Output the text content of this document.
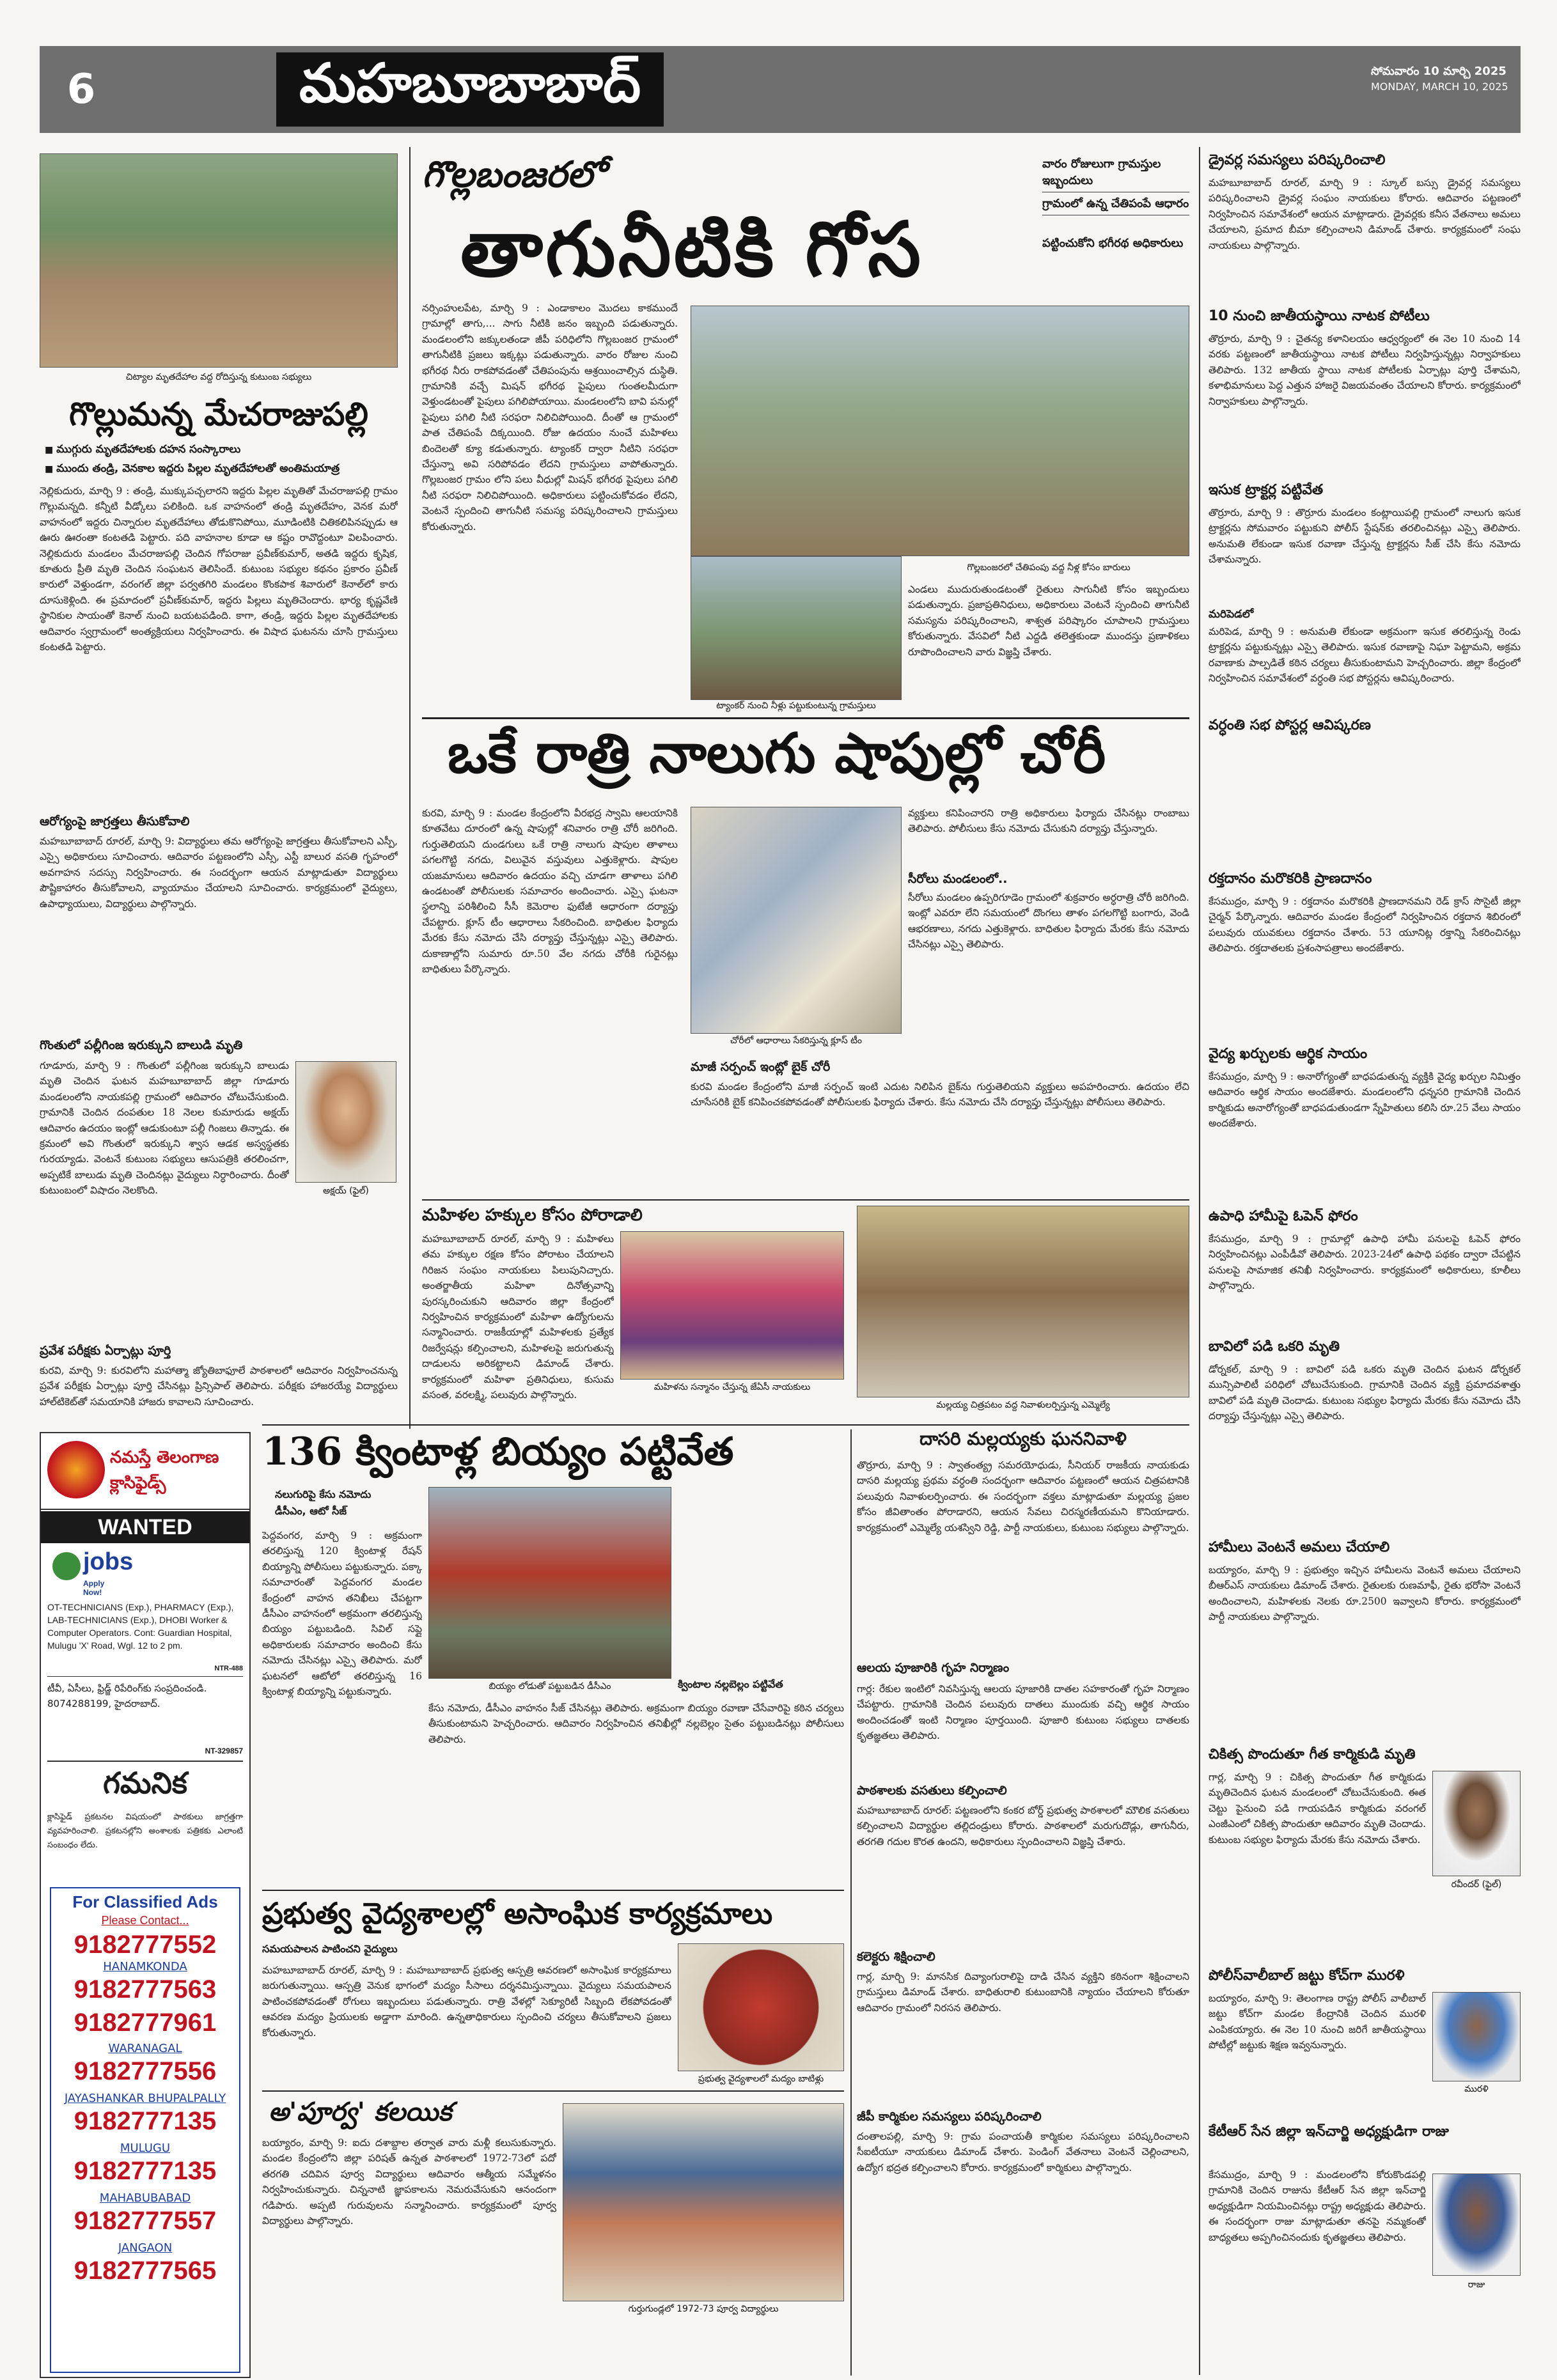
6	మహబూబాబాద్	సోమవారం 10 మార్చి 2025
MONDAY, MARCH 10, 2025
చిట్యాల మృతదేహాల వద్ద రోదిస్తున్న కుటుంబ సభ్యులు
గొల్లుమన్న మేచరాజుపల్లి
■ ముగ్గురు మృతదేహాలకు దహన సంస్కారాలు
■ ముందు తండ్రి, వెనకాల ఇద్దరు పిల్లల మృతదేహాలతో అంతిమయాత్ర
నెల్లికుదురు, మార్చి 9 : తండ్రి, ముక్కుపచ్చలారని ఇద్దరు పిల్లల మృతితో మేచరాజుపల్లి గ్రామం గొల్లుమన్నది. కన్నీటి వీడ్కోలు పలికింది. ఒక వాహనంలో తండ్రి మృతదేహం, వెనక మరో వాహనంలో ఇద్దరు చిన్నారుల మృతదేహాలు తోడుకొనిపోయి, మూడింటికి చితికలిపినప్పుడు ఆ ఊరు ఊరంతా కంటతడి పెట్టారు. పది వాహనాల కూడా ఆ కష్టం రావొద్దంటూ విలపించారు. నెల్లికుదురు మండలం మేచరాజుపల్లి చెందిన గోపరాజు ప్రవీణ్‌కుమార్, అతడి ఇద్దరు కృషిక, కూతురు ప్రీతి మృతి చెందిన సంఘటన తెలిసిందే. కుటుంబ సభ్యుల కథనం ప్రకారం ప్రవీణ్ కారులో వెళ్తుండగా, వరంగల్ జిల్లా పర్వతగిరి మండలం కొంకపాక శివారులో కెనాల్‌లో కారు దూసుకెళ్లింది. ఈ ప్రమాదంలో ప్రవీణ్‌కుమార్, ఇద్దరు పిల్లలు మృతిచెందారు. భార్య కృష్ణవేణి స్థానికుల సాయంతో కెనాల్ నుంచి బయటపడింది. కాగా, తండ్రి, ఇద్దరు పిల్లల మృతదేహాలకు ఆదివారం స్వగ్రామంలో అంత్యక్రియలు నిర్వహించారు. ఈ విషాద ఘటనను చూసి గ్రామస్తులు కంటతడి పెట్టారు.
ఆరోగ్యంపై జాగ్రత్తలు తీసుకోవాలి
మహబూబాబాద్ రూరల్, మార్చి 9: విద్యార్థులు తమ ఆరోగ్యంపై జాగ్రత్తలు తీసుకోవాలని ఎస్పీ, ఎస్సై అధికారులు సూచించారు. ఆదివారం పట్టణంలోని ఎస్సీ, ఎస్టీ బాలుర వసతి గృహంలో అవగాహన సదస్సు నిర్వహించారు. ఈ సందర్భంగా ఆయన మాట్లాడుతూ విద్యార్థులు పౌష్టికాహారం తీసుకోవాలని, వ్యాయామం చేయాలని సూచించారు. కార్యక్రమంలో వైద్యులు, ఉపాధ్యాయులు, విద్యార్థులు పాల్గొన్నారు.
గొంతులో పల్లీగింజ ఇరుక్కుని బాలుడి మృతి
గూడూరు, మార్చి 9 : గొంతులో పల్లీగింజ ఇరుక్కుని బాలుడు మృతి చెందిన ఘటన మహబూబాబాద్ జిల్లా గూడూరు మండలంలోని నాయకపల్లి గ్రామంలో ఆదివారం చోటుచేసుకుంది. గ్రామానికి చెందిన దంపతుల 18 నెలల కుమారుడు అక్షయ్ ఆదివారం ఉదయం ఇంట్లో ఆడుకుంటూ పల్లీ గింజలు తిన్నాడు. ఈ క్రమంలో అవి గొంతులో ఇరుక్కుని శ్వాస ఆడక అస్వస్థతకు గురయ్యాడు. వెంటనే కుటుంబ సభ్యులు ఆసుపత్రికి తరలించగా, అప్పటికే బాలుడు మృతి చెందినట్లు వైద్యులు నిర్ధారించారు. దీంతో కుటుంబంలో విషాదం నెలకొంది.	అక్షయ్ (ఫైల్)
ప్రవేశ పరీక్షకు ఏర్పాట్లు పూర్తి
కురవి, మార్చి 9: కురవిలోని మహాత్మా జ్యోతిబాఫూలే పాఠశాలలో ఆదివారం నిర్వహించనున్న ప్రవేశ పరీక్షకు ఏర్పాట్లు పూర్తి చేసినట్లు ప్రిన్సిపాల్ తెలిపారు. పరీక్షకు హాజరయ్యే విద్యార్థులు హాల్‌టికెట్‌తో సమయానికి హాజరు కావాలని సూచించారు.
నమస్తే తెలంగాణ క్లాసిఫైడ్స్
WANTED
jobs
Apply Now!
OT-TECHNICIANS (Exp.), PHARMACY (Exp.), LAB-TECHNICIANS (Exp.), DHOBI Worker & Computer Operators. Cont: Guardian Hospital, Mulugu 'X' Road, Wgl. 12 to 2 pm.
NTR-488
టీవీ, ఏసీలు, ఫ్రిడ్జ్ రిపేరింగ్‌కు సంప్రదించండి. 8074288199, హైదరాబాద్.
NT-329857
గమనిక
క్లాసిఫైడ్ ప్రకటనల విషయంలో పాఠకులు జాగ్రత్తగా వ్యవహరించాలి. ప్రకటనల్లోని అంశాలకు పత్రికకు ఎలాంటి సంబంధం లేదు.
For Classified Ads
Please Contact...
9182777552
HANAMKONDA
9182777563
9182777961
WARANAGAL
9182777556
JAYASHANKAR BHUPALPALLY
9182777135
MULUGU
9182777135
MAHABUBABAD
9182777557
JANGAON
9182777565
గొల్లబంజరలో
తాగునీటికి గోస
వారం రోజులుగా గ్రామస్తుల ఇబ్బందులు
గ్రామంలో ఉన్న చేతిపంపే ఆధారం
పట్టించుకోని భగీరథ అధికారులు
నర్సింహులపేట, మార్చి 9 : ఎండాకాలం మొదలు కాకముందే గ్రామాల్లో తాగు,... సాగు నీటికి జనం ఇబ్బంది పడుతున్నారు. మండలంలోని జక్కులతండా జీపీ పరిధిలోని గొల్లబంజర గ్రామంలో తాగునీటికి ప్రజలు ఇక్కట్లు పడుతున్నారు. వారం రోజుల నుంచి భగీరథ నీరు రాకపోవడంతో చేతిపంపును ఆశ్రయించాల్సిన దుస్థితి. గ్రామానికి వచ్చే మిషన్ భగీరథ పైపులు గుంతలమీదుగా వెళ్తుండటంతో పైపులు పగిలిపోయాయి. మండలంలోని బావి పనుల్లో పైపులు పగిలి నీటి సరఫరా నిలిచిపోయింది. దీంతో ఆ గ్రామంలో పాత చేతిపంపే దిక్కయింది. రోజు ఉదయం నుంచే మహిళలు బిందెలతో క్యూ కడుతున్నారు. ట్యాంకర్ ద్వారా నీటిని సరఫరా చేస్తున్నా అవి సరిపోవడం లేదని గ్రామస్తులు వాపోతున్నారు. గొల్లబంజర గ్రామం లోని పలు వీధుల్లో మిషన్ భగీరథ పైపులు పగిలి నీటి సరఫరా నిలిచిపోయింది. అధికారులు పట్టించుకోవడం లేదని, వెంటనే స్పందించి తాగునీటి సమస్య పరిష్కరించాలని గ్రామస్తులు కోరుతున్నారు.
ట్యాంకర్ నుంచి నీళ్లు పట్టుకుంటున్న గ్రామస్తులు
గొల్లబంజరలో చేతిపంపు వద్ద నీళ్ల కోసం బారులు
ఎండలు ముదురుతుండటంతో రైతులు సాగునీటి కోసం ఇబ్బందులు పడుతున్నారు. ప్రజాప్రతినిధులు, అధికారులు వెంటనే స్పందించి తాగునీటి సమస్యను పరిష్కరించాలని, శాశ్వత పరిష్కారం చూపాలని గ్రామస్తులు కోరుతున్నారు. వేసవిలో నీటి ఎద్దడి తలెత్తకుండా ముందస్తు ప్రణాళికలు రూపొందించాలని వారు విజ్ఞప్తి చేశారు.
ఒకే రాత్రి నాలుగు షాపుల్లో చోరీ
కురవి, మార్చి 9 : మండల కేంద్రంలోని వీరభద్ర స్వామి ఆలయానికి కూతవేటు దూరంలో ఉన్న షాపుల్లో శనివారం రాత్రి చోరీ జరిగింది. గుర్తుతెలియని దుండగులు ఒకే రాత్రి నాలుగు షాపుల తాళాలు పగలగొట్టి నగదు, విలువైన వస్తువులు ఎత్తుకెళ్లారు. షాపుల యజమానులు ఆదివారం ఉదయం వచ్చి చూడగా తాళాలు పగిలి ఉండటంతో పోలీసులకు సమాచారం అందించారు. ఎస్సై ఘటనా స్థలాన్ని పరిశీలించి సీసీ కెమెరాల ఫుటేజీ ఆధారంగా దర్యాప్తు చేపట్టారు. క్లూస్ టీం ఆధారాలు సేకరించింది. బాధితుల ఫిర్యాదు మేరకు కేసు నమోదు చేసి దర్యాప్తు చేస్తున్నట్లు ఎస్సై తెలిపారు. దుకాణాల్లోని సుమారు రూ.50 వేల నగదు చోరీకి గురైనట్లు బాధితులు పేర్కొన్నారు.
చోరీలో ఆధారాలు సేకరిస్తున్న క్లూస్ టీం
వ్యక్తులు కనిపించారని రాత్రి అధికారులు ఫిర్యాదు చేసినట్లు రాంబాబు తెలిపారు. పోలీసులు కేసు నమోదు చేసుకుని దర్యాప్తు చేస్తున్నారు.
సీరోలు మండలంలో..
సీరోలు మండలం ఉప్పరిగూడెం గ్రామంలో శుక్రవారం అర్ధరాత్రి చోరీ జరిగింది. ఇంట్లో ఎవరూ లేని సమయంలో దొంగలు తాళం పగలగొట్టి బంగారు, వెండి ఆభరణాలు, నగదు ఎత్తుకెళ్లారు. బాధితుల ఫిర్యాదు మేరకు కేసు నమోదు చేసినట్లు ఎస్సై తెలిపారు.
మాజీ సర్పంచ్ ఇంట్లో బైక్ చోరీ
కురవి మండల కేంద్రంలోని మాజీ సర్పంచ్ ఇంటి ఎదుట నిలిపిన బైక్‌ను గుర్తుతెలియని వ్యక్తులు అపహరించారు. ఉదయం లేచి చూసేసరికి బైక్ కనిపించకపోవడంతో పోలీసులకు ఫిర్యాదు చేశారు. కేసు నమోదు చేసి దర్యాప్తు చేస్తున్నట్లు పోలీసులు తెలిపారు.
మహిళల హక్కుల కోసం పోరాడాలి
మహబూబాబాద్ రూరల్, మార్చి 9 : మహిళలు తమ హక్కుల రక్షణ కోసం పోరాటం చేయాలని గిరిజన సంఘం నాయకులు పిలుపునిచ్చారు. అంతర్జాతీయ మహిళా దినోత్సవాన్ని పురస్కరించుకుని ఆదివారం జిల్లా కేంద్రంలో నిర్వహించిన కార్యక్రమంలో మహిళా ఉద్యోగులను సన్మానించారు. రాజకీయాల్లో మహిళలకు ప్రత్యేక రిజర్వేషన్లు కల్పించాలని, మహిళలపై జరుగుతున్న దాడులను అరికట్టాలని డిమాండ్ చేశారు. కార్యక్రమంలో మహిళా ప్రతినిధులు, కుసుమ వసంత, వరలక్ష్మి, పలువురు పాల్గొన్నారు.
మహిళను సన్మానం చేస్తున్న జేఏసీ నాయకులు
మల్లయ్య చిత్రపటం వద్ద నివాళులర్పిస్తున్న ఎమ్మెల్యే
దాసరి మల్లయ్యకు ఘననివాళి
తొర్రూరు, మార్చి 9 : స్వాతంత్య్ర సమరయోధుడు, సీనియర్ రాజకీయ నాయకుడు దాసరి మల్లయ్య ప్రథమ వర్ధంతి సందర్భంగా ఆదివారం పట్టణంలో ఆయన చిత్రపటానికి పలువురు నివాళులర్పించారు. ఈ సందర్భంగా వక్తలు మాట్లాడుతూ మల్లయ్య ప్రజల కోసం జీవితాంతం పోరాడారని, ఆయన సేవలు చిరస్మరణీయమని కొనియాడారు. కార్యక్రమంలో ఎమ్మెల్యే యశస్విని రెడ్డి, పార్టీ నాయకులు, కుటుంబ సభ్యులు పాల్గొన్నారు.
ఆలయ పూజారికి గృహ నిర్మాణం
గార్ల: రేకుల ఇంటిలో నివసిస్తున్న ఆలయ పూజారికి దాతల సహకారంతో గృహ నిర్మాణం చేపట్టారు. గ్రామానికి చెందిన పలువురు దాతలు ముందుకు వచ్చి ఆర్థిక సాయం అందించడంతో ఇంటి నిర్మాణం పూర్తయింది. పూజారి కుటుంబ సభ్యులు దాతలకు కృతజ్ఞతలు తెలిపారు.
పాఠశాలకు వసతులు కల్పించాలి
మహబూబాబాద్ రూరల్: పట్టణంలోని కంకర బోర్డ్ ప్రభుత్వ పాఠశాలలో మౌలిక వసతులు కల్పించాలని విద్యార్థుల తల్లిదండ్రులు కోరారు. పాఠశాలలో మరుగుదొడ్లు, తాగునీరు, తరగతి గదుల కొరత ఉందని, అధికారులు స్పందించాలని విజ్ఞప్తి చేశారు.
కలెక్టరు శిక్షించాలి
గార్ల, మార్చి 9: మానసిక దివ్యాంగురాలిపై దాడి చేసిన వ్యక్తిని కఠినంగా శిక్షించాలని గ్రామస్తులు డిమాండ్ చేశారు. బాధితురాలి కుటుంబానికి న్యాయం చేయాలని కోరుతూ ఆదివారం గ్రామంలో నిరసన తెలిపారు.
జీపీ కార్మికుల సమస్యలు పరిష్కరించాలి
దంతాలపల్లి, మార్చి 9: గ్రామ పంచాయతీ కార్మికుల సమస్యలు పరిష్కరించాలని సీఐటీయూ నాయకులు డిమాండ్ చేశారు. పెండింగ్ వేతనాలు వెంటనే చెల్లించాలని, ఉద్యోగ భద్రత కల్పించాలని కోరారు. కార్యక్రమంలో కార్మికులు పాల్గొన్నారు.
136 క్వింటాళ్ల బియ్యం పట్టివేత
నలుగురిపై కేసు నమోదు
డీసీఎం, ఆటో సీజ్
పెద్దవంగర, మార్చి 9 : అక్రమంగా తరలిస్తున్న 120 క్వింటాళ్ల రేషన్ బియ్యాన్ని పోలీసులు పట్టుకున్నారు. పక్కా సమాచారంతో పెద్దవంగర మండల కేంద్రంలో వాహన తనిఖీలు చేపట్టగా డీసీఎం వాహనంలో అక్రమంగా తరలిస్తున్న బియ్యం పట్టుబడింది. సివిల్ సప్లై అధికారులకు సమాచారం అందించి కేసు నమోదు చేసినట్లు ఎస్సై తెలిపారు. మరో ఘటనలో ఆటోలో తరలిస్తున్న 16 క్వింటాళ్ల బియ్యాన్ని పట్టుకున్నారు.	బియ్యం లోడుతో పట్టుబడిన డీసీఎం	క్వింటాల నల్లబెల్లం పట్టివేత
కేసు నమోదు, డీసీఎం వాహనం సీజ్ చేసినట్లు తెలిపారు. అక్రమంగా బియ్యం రవాణా చేసేవారిపై కఠిన చర్యలు తీసుకుంటామని హెచ్చరించారు. ఆదివారం నిర్వహించిన తనిఖీల్లో నల్లబెల్లం సైతం పట్టుబడినట్లు పోలీసులు తెలిపారు.
ప్రభుత్వ వైద్యశాలల్లో అసాంఘిక కార్యక్రమాలు
సమయపాలన పాటించని వైద్యులు
మహబూబాబాద్ రూరల్, మార్చి 9 : మహబూబాబాద్ ప్రభుత్వ ఆస్పత్రి ఆవరణలో అసాంఘిక కార్యక్రమాలు జరుగుతున్నాయి. ఆస్పత్రి వెనుక భాగంలో మద్యం సీసాలు దర్శనమిస్తున్నాయి. వైద్యులు సమయపాలన పాటించకపోవడంతో రోగులు ఇబ్బందులు పడుతున్నారు. రాత్రి వేళల్లో సెక్యూరిటీ సిబ్బంది లేకపోవడంతో ఆవరణ మద్యం ప్రియులకు అడ్డాగా మారింది. ఉన్నతాధికారులు స్పందించి చర్యలు తీసుకోవాలని ప్రజలు కోరుతున్నారు.
ప్రభుత్వ వైద్యశాలలో మద్యం బాటిళ్లు
అ'పూర్వ' కలయిక
బయ్యారం, మార్చి 9: ఐదు దశాబ్దాల తర్వాత వారు మళ్లీ కలుసుకున్నారు. మండల కేంద్రంలోని జిల్లా పరిషత్ ఉన్నత పాఠశాలలో 1972-73లో పదో తరగతి చదివిన పూర్వ విద్యార్థులు ఆదివారం ఆత్మీయ సమ్మేళనం నిర్వహించుకున్నారు. చిన్ననాటి జ్ఞాపకాలను నెమరువేసుకుని ఆనందంగా గడిపారు. అప్పటి గురువులను సన్మానించారు. కార్యక్రమంలో పూర్వ విద్యార్థులు పాల్గొన్నారు.
గుర్తుగుండ్లలో 1972-73 పూర్వ విద్యార్థులు
డ్రైవర్ల సమస్యలు పరిష్కరించాలి
మహబూబాబాద్ రూరల్, మార్చి 9 : స్కూల్ బస్సు డ్రైవర్ల సమస్యలు పరిష్కరించాలని డ్రైవర్ల సంఘం నాయకులు కోరారు. ఆదివారం పట్టణంలో నిర్వహించిన సమావేశంలో ఆయన మాట్లాడారు. డ్రైవర్లకు కనీస వేతనాలు అమలు చేయాలని, ప్రమాద బీమా కల్పించాలని డిమాండ్ చేశారు. కార్యక్రమంలో సంఘ నాయకులు పాల్గొన్నారు.
10 నుంచి జాతీయస్థాయి నాటక పోటీలు
తొర్రూరు, మార్చి 9 : చైతన్య కళానిలయం ఆధ్వర్యంలో ఈ నెల 10 నుంచి 14 వరకు పట్టణంలో జాతీయస్థాయి నాటక పోటీలు నిర్వహిస్తున్నట్లు నిర్వాహకులు తెలిపారు. 132 జాతీయ స్థాయి నాటక పోటీలకు ఏర్పాట్లు పూర్తి చేశామని, కళాభిమానులు పెద్ద ఎత్తున హాజరై విజయవంతం చేయాలని కోరారు. కార్యక్రమంలో నిర్వాహకులు పాల్గొన్నారు.
ఇసుక ట్రాక్టర్ల పట్టివేత
తొర్రూరు, మార్చి 9 : తొర్రూరు మండలం కంట్లాయిపల్లి గ్రామంలో నాలుగు ఇసుక ట్రాక్టర్లను సోమవారం పట్టుకుని పోలీస్ స్టేషన్‌కు తరలించినట్లు ఎస్సై తెలిపారు. అనుమతి లేకుండా ఇసుక రవాణా చేస్తున్న ట్రాక్టర్లను సీజ్ చేసి కేసు నమోదు చేశామన్నారు.
మరిపెడలో
వర్ధంతి సభ పోస్టర్ల ఆవిష్కరణ
మరిపెడ, మార్చి 9 : అనుమతి లేకుండా అక్రమంగా ఇసుక తరలిస్తున్న రెండు ట్రాక్టర్లను పట్టుకున్నట్లు ఎస్సై తెలిపారు. ఇసుక రవాణాపై నిఘా పెట్టామని, అక్రమ రవాణాకు పాల్పడితే కఠిన చర్యలు తీసుకుంటామని హెచ్చరించారు. జిల్లా కేంద్రంలో నిర్వహించిన సమావేశంలో వర్ధంతి సభ పోస్టర్లను ఆవిష్కరించారు.
రక్తదానం మరొకరికి ప్రాణదానం
కేసముద్రం, మార్చి 9 : రక్తదానం మరొకరికి ప్రాణదానమని రెడ్ క్రాస్ సొసైటీ జిల్లా చైర్మన్ పేర్కొన్నారు. ఆదివారం మండల కేంద్రంలో నిర్వహించిన రక్తదాన శిబిరంలో పలువురు యువకులు రక్తదానం చేశారు. 53 యూనిట్ల రక్తాన్ని సేకరించినట్లు తెలిపారు. రక్తదాతలకు ప్రశంసాపత్రాలు అందజేశారు.
వైద్య ఖర్చులకు ఆర్థిక సాయం
కేసముద్రం, మార్చి 9 : అనారోగ్యంతో బాధపడుతున్న వ్యక్తికి వైద్య ఖర్చుల నిమిత్తం ఆదివారం ఆర్థిక సాయం అందజేశారు. మండలంలోని ధన్నసరి గ్రామానికి చెందిన కార్మికుడు అనారోగ్యంతో బాధపడుతుండగా స్నేహితులు కలిసి రూ.25 వేలు సాయం అందజేశారు.
ఉపాధి హామీపై ఓపెన్ ఫోరం
కేసముద్రం, మార్చి 9 : గ్రామాల్లో ఉపాధి హామీ పనులపై ఓపెన్ ఫోరం నిర్వహించినట్లు ఎంపీడీవో తెలిపారు. 2023-24లో ఉపాధి పథకం ద్వారా చేపట్టిన పనులపై సామాజిక తనిఖీ నిర్వహించారు. కార్యక్రమంలో అధికారులు, కూలీలు పాల్గొన్నారు.
బావిలో పడి ఒకరి మృతి
డోర్నకల్, మార్చి 9 : బావిలో పడి ఒకరు మృతి చెందిన ఘటన డోర్నకల్ మున్సిపాలిటీ పరిధిలో చోటుచేసుకుంది. గ్రామానికి చెందిన వ్యక్తి ప్రమాదవశాత్తు బావిలో పడి మృతి చెందాడు. కుటుంబ సభ్యుల ఫిర్యాదు మేరకు కేసు నమోదు చేసి దర్యాప్తు చేస్తున్నట్లు ఎస్సై తెలిపారు.
హామీలు వెంటనే అమలు చేయాలి
బయ్యారం, మార్చి 9 : ప్రభుత్వం ఇచ్చిన హామీలను వెంటనే అమలు చేయాలని బీఆర్ఎస్ నాయకులు డిమాండ్ చేశారు. రైతులకు రుణమాఫీ, రైతు భరోసా వెంటనే అందించాలని, మహిళలకు నెలకు రూ.2500 ఇవ్వాలని కోరారు. కార్యక్రమంలో పార్టీ నాయకులు పాల్గొన్నారు.
చికిత్స పొందుతూ గీత కార్మికుడి మృతి
గార్ల, మార్చి 9 : చికిత్స పొందుతూ గీత కార్మికుడు మృతిచెందిన ఘటన మండలంలో చోటుచేసుకుంది. ఈత చెట్టు పైనుంచి పడి గాయపడిన కార్మికుడు వరంగల్ ఎంజీఎంలో చికిత్స పొందుతూ ఆదివారం మృతి చెందాడు. కుటుంబ సభ్యుల ఫిర్యాదు మేరకు కేసు నమోదు చేశారు.
రవీందర్ (ఫైల్)
పోలీస్‌వాలీబాల్ జట్టు కోచ్‌గా మురళి
బయ్యారం, మార్చి 9: తెలంగాణ రాష్ట్ర పోలీస్ వాలీబాల్ జట్టు కోచ్‌గా మండల కేంద్రానికి చెందిన మురళి ఎంపికయ్యారు. ఈ నెల 10 నుంచి జరిగే జాతీయస్థాయి పోటీల్లో జట్టుకు శిక్షణ ఇవ్వనున్నారు.
మురళి
కేటీఆర్ సేన జిల్లా ఇన్‌చార్జి అధ్యక్షుడిగా రాజు
కేసముద్రం, మార్చి 9 : మండలంలోని కోరుకొండపల్లి గ్రామానికి చెందిన రాజును కేటీఆర్ సేన జిల్లా ఇన్‌చార్జి అధ్యక్షుడిగా నియమించినట్లు రాష్ట్ర అధ్యక్షుడు తెలిపారు. ఈ సందర్భంగా రాజు మాట్లాడుతూ తనపై నమ్మకంతో బాధ్యతలు అప్పగించినందుకు కృతజ్ఞతలు తెలిపారు.
రాజు
